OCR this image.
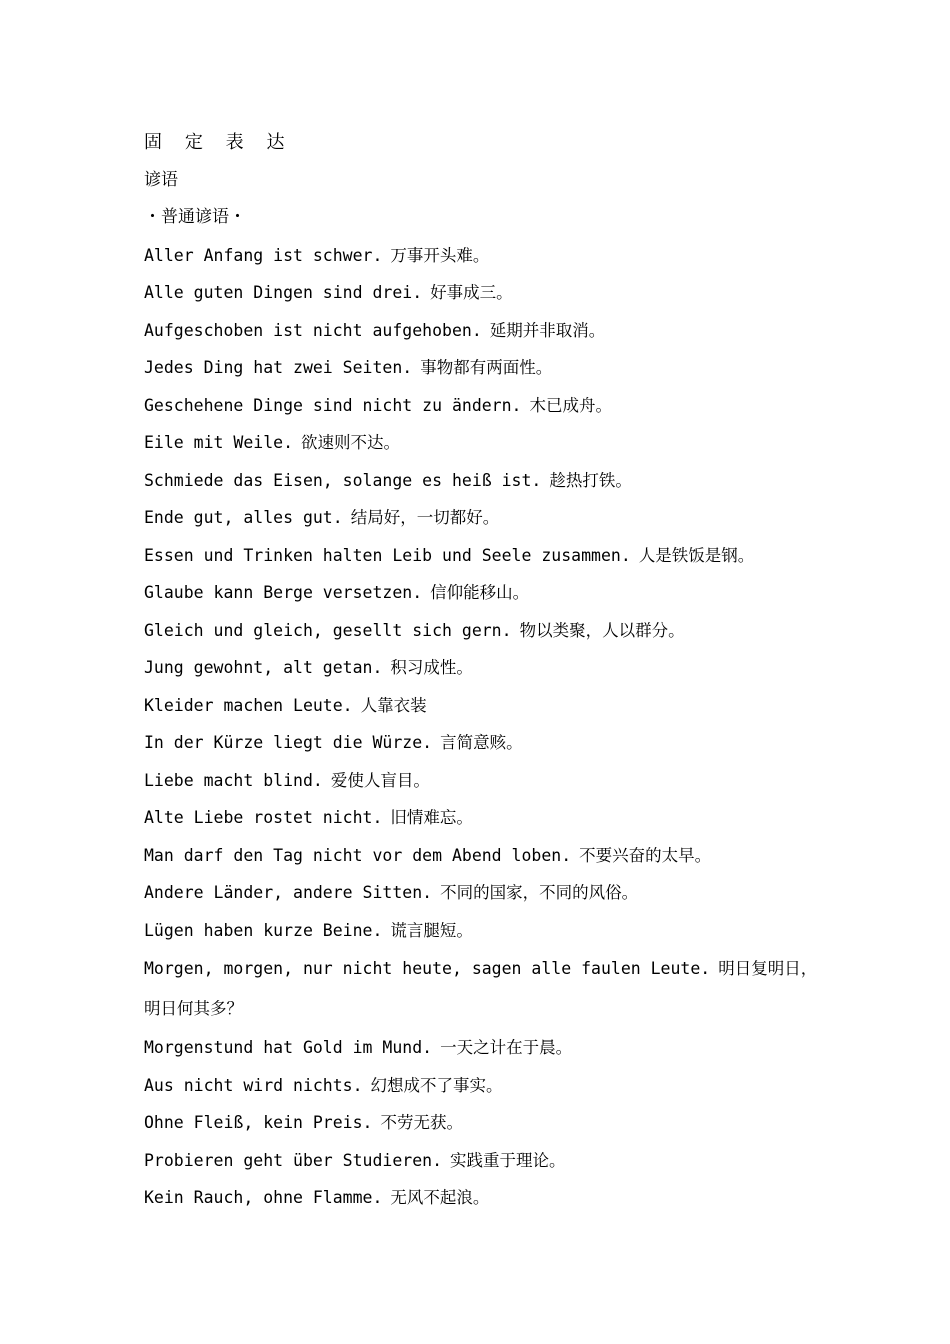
固 定 表 达
谚语
・普通谚语・
Aller Anfang ist schwer. 万事开头难。
Alle guten Dingen sind drei. 好事成三。
Aufgeschoben ist nicht aufgehoben. 延期并非取消。
Jedes Ding hat zwei Seiten. 事物都有两面性。
Geschehene Dinge sind nicht zu ändern. 木已成舟。
Eile mit Weile. 欲速则不达。
Schmiede das Eisen, solange es heiß ist. 趁热打铁。
Ende gut, alles gut. 结局好，一切都好。
Essen und Trinken halten Leib und Seele zusammen. 人是铁饭是钢。
Glaube kann Berge versetzen. 信仰能移山。
Gleich und gleich, gesellt sich gern. 物以类聚，人以群分。
Jung gewohnt, alt getan. 积习成性。
Kleider machen Leute. 人靠衣装
In der Kürze liegt die Würze. 言简意赅。
Liebe macht blind. 爱使人盲目。
Alte Liebe rostet nicht. 旧情难忘。
Man darf den Tag nicht vor dem Abend loben. 不要兴奋的太早。
Andere Länder, andere Sitten. 不同的国家，不同的风俗。
Lügen haben kurze Beine. 谎言腿短。
Morgen, morgen, nur nicht heute, sagen alle faulen Leute. 明日复明日，明日何其多？
Morgenstund hat Gold im Mund. 一天之计在于晨。
Aus nicht wird nichts. 幻想成不了事实。
Ohne Fleiß, kein Preis. 不劳无获。
Probieren geht über Studieren. 实践重于理论。
Kein Rauch, ohne Flamme. 无风不起浪。
